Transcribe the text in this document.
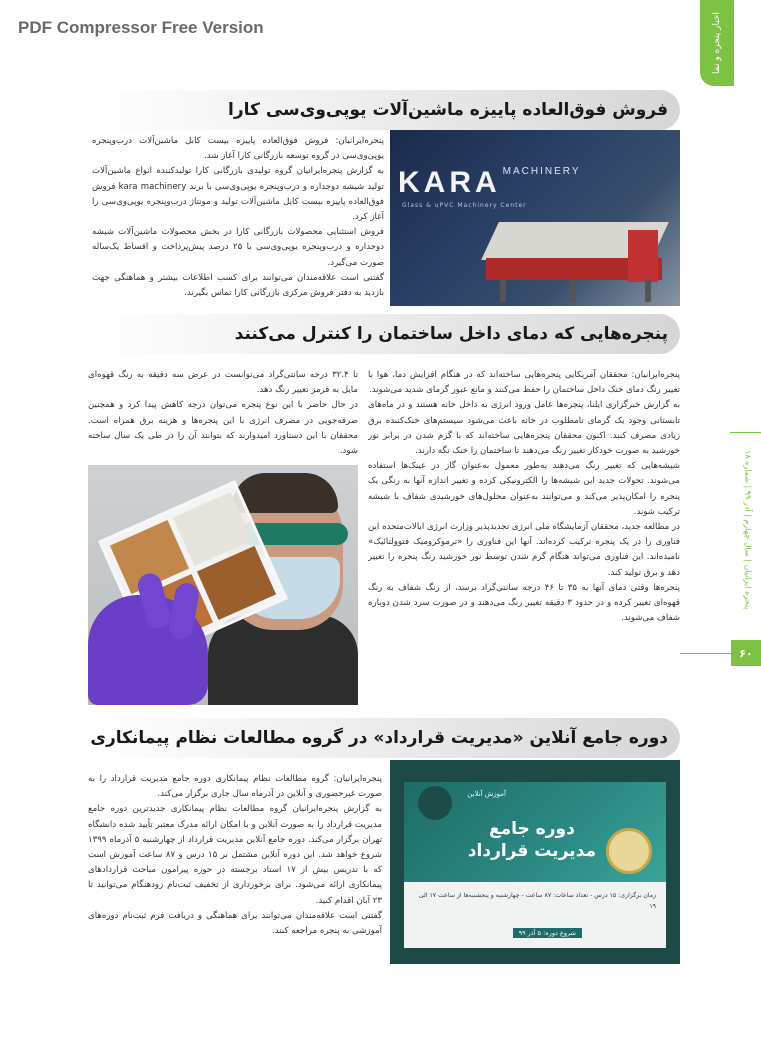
PDF Compressor Free Version	اخبار پنجره و نما
پنجره ایرانیان | سال چهارم | آذر ۹۹ | شماره ۱۸
۶۰
فروش فوق‌العاده پاییزه ماشین‌آلات یوپی‌وی‌سی کارا

پنجره‌ایرانیان: فروش فوق‌العاده پاییزه بیست کابل ماشین‌آلات درب‌وپنجره یوپی‌وی‌سی در گروه توسعه بازرگانی کارا آغاز شد.

به گزارش پنجره‌ایرانیان گروه تولیدی بازرگانی کارا تولیدکننده انواع ماشین‌آلات تولید شیشه دوجداره و درب‌وپنجره یوپی‌وی‌سی با برند kara machinery فروش فوق‌العاده پاییزه بیست کابل ماشین‌آلات تولید و مونتاژ درب‌وپنجره یوپی‌وی‌سی را آغاز کرد.

فروش استثنایی محصولات بازرگانی کارا در بخش محصولات ماشین‌آلات شیشه دوجداره و درب‌وپنجره یوپی‌وی‌سی با ۲۵ درصد پیش‌پرداخت و اقساط یک‌ساله صورت می‌گیرد.

گفتنی است علاقه‌مندان می‌توانند برای کسب اطلاعات بیشتر و هماهنگی جهت بازدید به دفتر فروش مرکزی بازرگانی کارا تماس بگیرند.

KARA $^{MACHINERY}$
Glass & uPVC Machinery Center
پنجره‌هایی که دمای داخل ساختمان را کنترل می‌کنند

پنجره‌ایرانیان: محققان آمریکایی پنجره‌هایی ساخته‌اند که در هنگام افزایش دما، هوا با تغییر رنگ دمای خنک داخل ساختمان را حفظ می‌کنند و مانع عبور گرمای شدید می‌شوند.

به گزارش خبرگزاری ایلنا، پنجره‌ها عامل ورود انرژی به داخل خانه هستند و در ماه‌های تابستانی وجود یک گرمای نامطلوب در خانه باعث می‌شود سیستم‌های خنک‌کننده برق زیادی مصرف کنند. اکنون محققان پنجره‌هایی ساخته‌اند که با گرم شدن در برابر نور خورشید به صورت خودکار تغییر رنگ می‌دهند تا ساختمان را خنک نگه دارند.

شیشه‌هایی که تغییر رنگ می‌دهند به‌طور معمول به‌عنوان گاز در عینک‌ها استفاده می‌شوند. تحولات جدید این شیشه‌ها را الکترونیکی کرده و تغییر اندازه آنها به رنگی یک پنجره را امکان‌پذیر می‌کند و می‌توانند به‌عنوان محلول‌های خورشیدی شفاف با شیشه ترکیب شوند.

در مطالعه جدید، محققان آزمایشگاه ملی انرژی تجدیدپذیر وزارت انرژی ایالات‌متحده این فناوری را در یک پنجره ترکیب کرده‌اند. آنها این فناوری را «ترموکرومیک فتوولتائیک» نامیده‌اند. این فناوری می‌تواند هنگام گرم شدن توسط نور خورشید رنگ پنجره را تغییر دهد و برق تولید کند.

پنجره‌ها وقتی دمای آنها به ۳۵ تا ۴۶ درجه سانتی‌گراد برسد، از رنگ شفاف به رنگ قهوه‌ای تغییر کرده و در حدود ۳ دقیقه تغییر رنگ می‌دهند و در صورت سرد شدن دوباره شفاف می‌شوند.

تا ۳۲.۴ درجه سانتی‌گراد می‌توانست در عرض سه دقیقه به رنگ قهوه‌ای مایل به قرمز تغییر رنگ دهد.

در حال حاضر با این نوع پنجره می‌توان درجه کاهش پیدا کرد و همچنین صرفه‌جویی در مصرف انرژی با این پنجره‌ها و هزینه برق همراه است. محققان با این دستاورد امیدوارند که بتوانند آن را در طی یک سال ساخته شود.

دوره جامع آنلاین «مدیریت قرارداد» در گروه مطالعات نظام پیمانکاری

پنجره‌ایرانیان: گروه مطالعات نظام پیمانکاری دوره جامع مدیریت قرارداد را به صورت غیرحضوری و آنلاین در آذرماه سال جاری برگزار می‌کند.

به گزارش پنجره‌ایرانیان گروه مطالعات نظام پیمانکاری جدیدترین دوره جامع مدیریت قرارداد را به صورت آنلاین و با امکان ارائه مدرک معتبر تأیید شده دانشگاه تهران برگزار می‌کند. دوره جامع آنلاین مدیریت قرارداد از چهارشنبه ۵ آذرماه ۱۳۹۹ شروع خواهد شد. این دوره آنلاین مشتمل بر ۱۵ درس و ۸۷ ساعت آموزش است که با تدریس بیش از ۱۷ استاد برجسته در حوزه پیرامون مباحث قراردادهای پیمانکاری ارائه می‌شود. برای برخورداری از تخفیف ثبت‌نام زودهنگام می‌توانید تا ۲۳ آبان اقدام کنید.

گفتنی است علاقه‌مندان می‌توانند برای هماهنگی و دریافت فرم ثبت‌نام دوره‌های آموزشی به پنجره مراجعه کنند.

آموزش آنلاین
دوره جامع
مدیریت قرارداد
زمان برگزاری: ۱۵ درس - تعداد ساعات: ۸۷ ساعت - چهارشنبه و پنجشنبه‌ها از ساعت ۱۷ الی ۱۹
شروع دوره: ۵ آذر ۹۹
